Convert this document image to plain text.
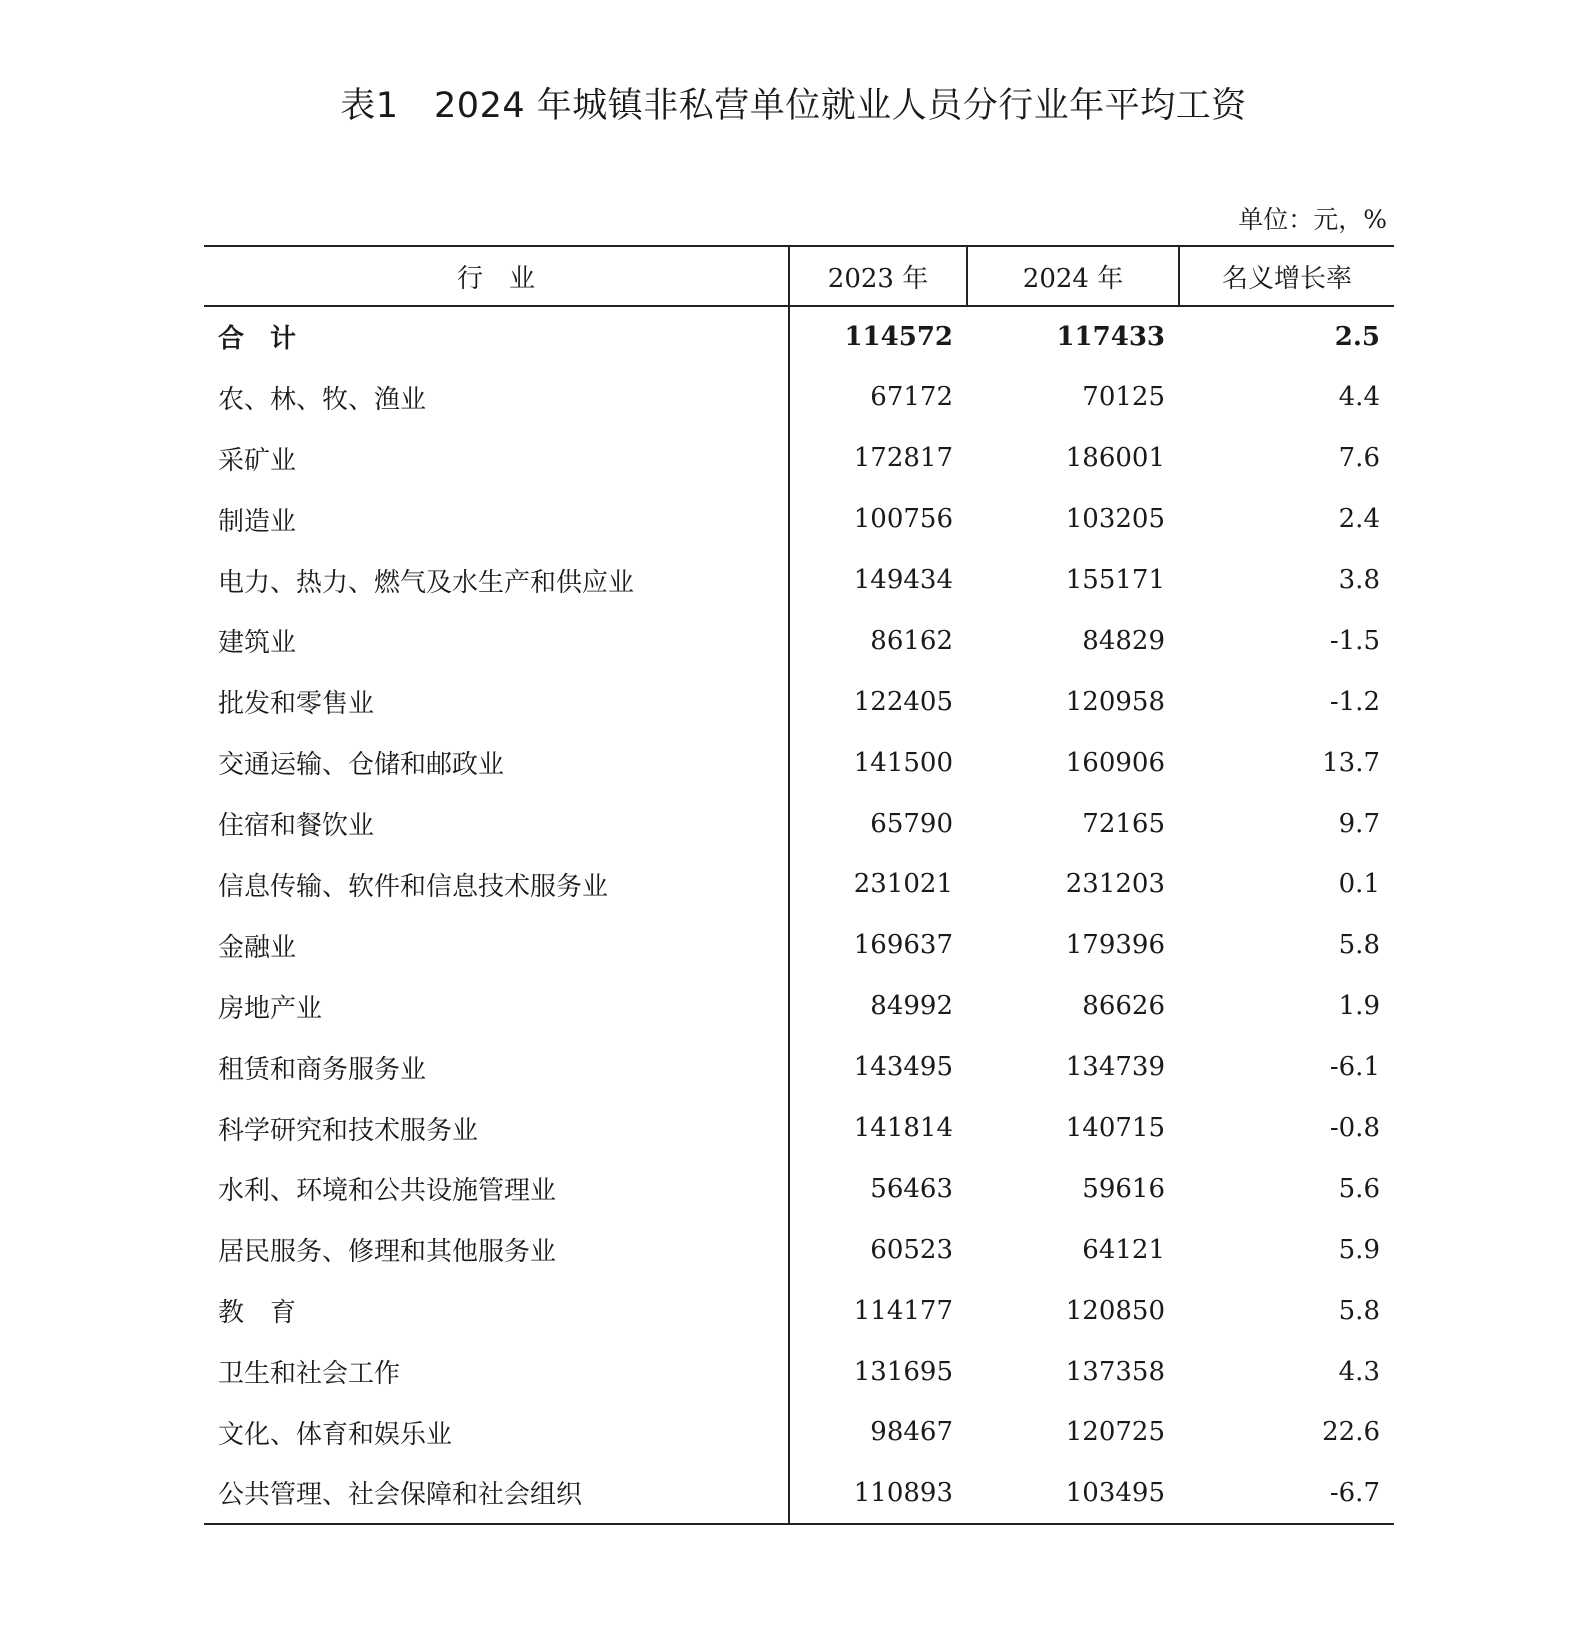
表1　2024 年城镇非私营单位就业人员分行业年平均工资
单位：元，%
行　业	2023 年	2024 年	名义增长率
合　计	114572	117433	2.5
农、林、牧、渔业	67172	70125	4.4
采矿业	172817	186001	7.6
制造业	100756	103205	2.4
电力、热力、燃气及水生产和供应业	149434	155171	3.8
建筑业	86162	84829	-1.5
批发和零售业	122405	120958	-1.2
交通运输、仓储和邮政业	141500	160906	13.7
住宿和餐饮业	65790	72165	9.7
信息传输、软件和信息技术服务业	231021	231203	0.1
金融业	169637	179396	5.8
房地产业	84992	86626	1.9
租赁和商务服务业	143495	134739	-6.1
科学研究和技术服务业	141814	140715	-0.8
水利、环境和公共设施管理业	56463	59616	5.6
居民服务、修理和其他服务业	60523	64121	5.9
教　育	114177	120850	5.8
卫生和社会工作	131695	137358	4.3
文化、体育和娱乐业	98467	120725	22.6
公共管理、社会保障和社会组织	110893	103495	-6.7
